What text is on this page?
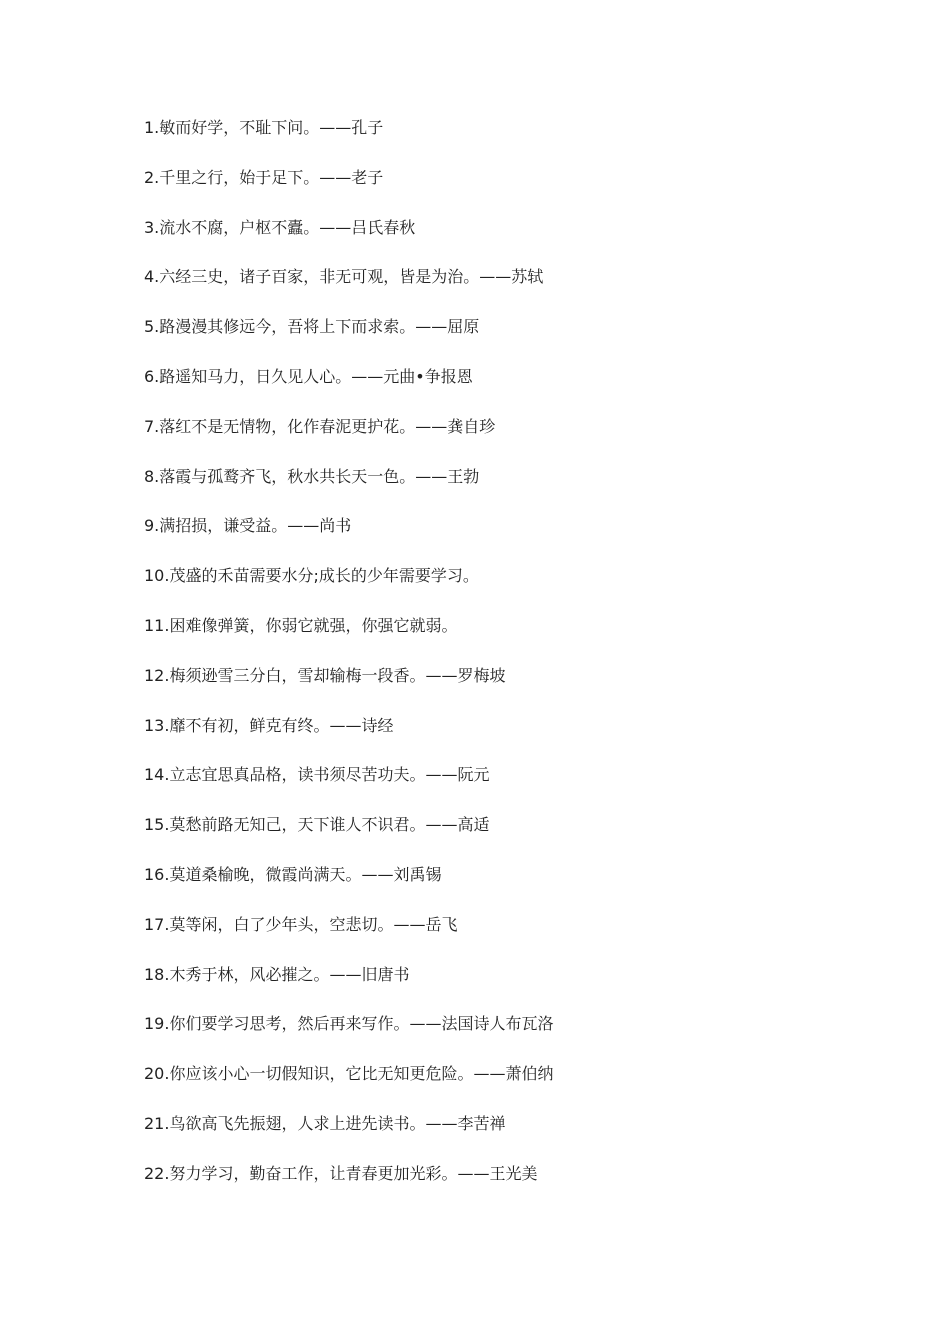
1.敏而好学，不耻下问。——孔子
2.千里之行，始于足下。——老子
3.流水不腐，户枢不蠹。——吕氏春秋
4.六经三史，诸子百家，非无可观，皆是为治。——苏轼
5.路漫漫其修远今，吾将上下而求索。——屈原
6.路遥知马力，日久见人心。——元曲•争报恩
7.落红不是无情物，化作春泥更护花。——龚自珍
8.落霞与孤鹜齐飞，秋水共长天一色。——王勃
9.满招损，谦受益。——尚书
10.茂盛的禾苗需要水分;成长的少年需要学习。
11.困难像弹簧，你弱它就强，你强它就弱。
12.梅须逊雪三分白，雪却输梅一段香。——罗梅坡
13.靡不有初，鲜克有终。——诗经
14.立志宜思真品格，读书须尽苦功夫。——阮元
15.莫愁前路无知己，天下谁人不识君。——高适
16.莫道桑榆晚，微霞尚满天。——刘禹锡
17.莫等闲，白了少年头，空悲切。——岳飞
18.木秀于林，风必摧之。——旧唐书
19.你们要学习思考，然后再来写作。——法国诗人布瓦洛
20.你应该小心一切假知识，它比无知更危险。——萧伯纳
21.鸟欲高飞先振翅，人求上进先读书。——李苦禅
22.努力学习，勤奋工作，让青春更加光彩。——王光美
